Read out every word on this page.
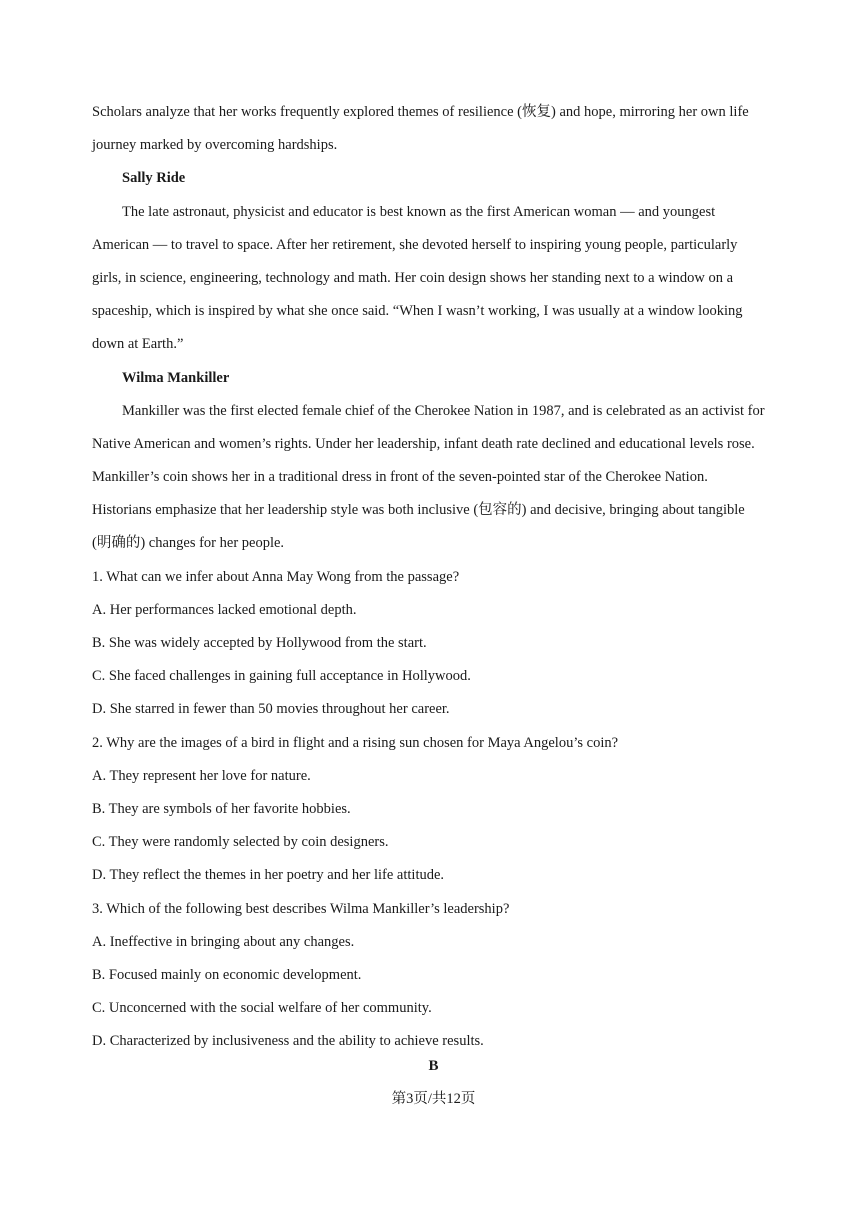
Scholars analyze that her works frequently explored themes of resilience (恢复) and hope, mirroring her own life
journey marked by overcoming hardships.
Sally Ride
The late astronaut, physicist and educator is best known as the first American woman — and youngest
American — to travel to space. After her retirement, she devoted herself to inspiring young people, particularly
girls, in science, engineering, technology and math. Her coin design shows her standing next to a window on a
spaceship, which is inspired by what she once said. “When I wasn’t working, I was usually at a window looking
down at Earth.”
Wilma Mankiller
Mankiller was the first elected female chief of the Cherokee Nation in 1987, and is celebrated as an activist for
Native American and women’s rights. Under her leadership, infant death rate declined and educational levels rose.
Mankiller’s coin shows her in a traditional dress in front of the seven-pointed star of the Cherokee Nation.
Historians emphasize that her leadership style was both inclusive (包容的) and decisive, bringing about tangible
(明确的) changes for her people.
1. What can we infer about Anna May Wong from the passage?
A. Her performances lacked emotional depth.
B. She was widely accepted by Hollywood from the start.
C. She faced challenges in gaining full acceptance in Hollywood.
D. She starred in fewer than 50 movies throughout her career.
2. Why are the images of a bird in flight and a rising sun chosen for Maya Angelou’s coin?
A. They represent her love for nature.
B. They are symbols of her favorite hobbies.
C. They were randomly selected by coin designers.
D. They reflect the themes in her poetry and her life attitude.
3. Which of the following best describes Wilma Mankiller’s leadership?
A. Ineffective in bringing about any changes.
B. Focused mainly on economic development.
C. Unconcerned with the social welfare of her community.
D. Characterized by inclusiveness and the ability to achieve results.
B
第3页/共12页
